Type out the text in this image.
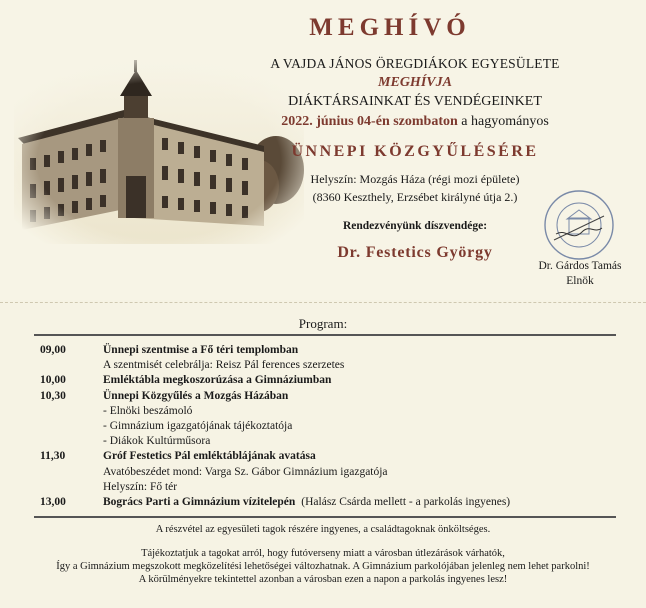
MEGHÍVÓ
A VAJDA JÁNOS ÖREGDIÁKOK EGYESÜLETE
MEGHÍVJA
DIÁKTÁRSAINKAT ÉS VENDÉGEINKET
2022. június 04-én szombaton a hagyományos
ÜNNEPI KÖZGYŰLÉSÉRE
Helyszín: Mozgás Háza (régi mozi épülete)
(8360 Keszthely, Erzsébet királyné útja 2.)
Rendezvényünk díszvendége:
Dr. Festetics György
Dr. Gárdos Tamás
Elnök
Program:
09,00	Ünnepi szentmise a Fő téri templomban
A szentmisét celebrálja: Reisz Pál ferences szerzetes
10,00	Emléktábla megkoszorúzása a Gimnáziumban
10,30	Ünnepi Közgyűlés a Mozgás Házában
- Elnöki beszámoló
- Gimnázium igazgatójának tájékoztatója
- Diákok Kultúrműsora
11,30	Gróf Festetics Pál emléktáblájának avatása
Avatóbeszédet mond: Varga Sz. Gábor Gimnázium igazgatója
Helyszín: Fő tér
13,00	Bogrács Parti a Gimnázium vízitelepén (Halász Csárda mellett - a parkolás ingyenes)
A részvétel az egyesületi tagok részére ingyenes, a családtagoknak önköltséges.
Tájékoztatjuk a tagokat arról, hogy futóverseny miatt a városban útlezárások várhatók,
Így a Gimnázium megszokott megközelítési lehetőségei változhatnak. A Gimnázium parkolójában jelenleg nem lehet parkolni!
A körülményekre tekintettel azonban a városban ezen a napon a parkolás ingyenes lesz!
